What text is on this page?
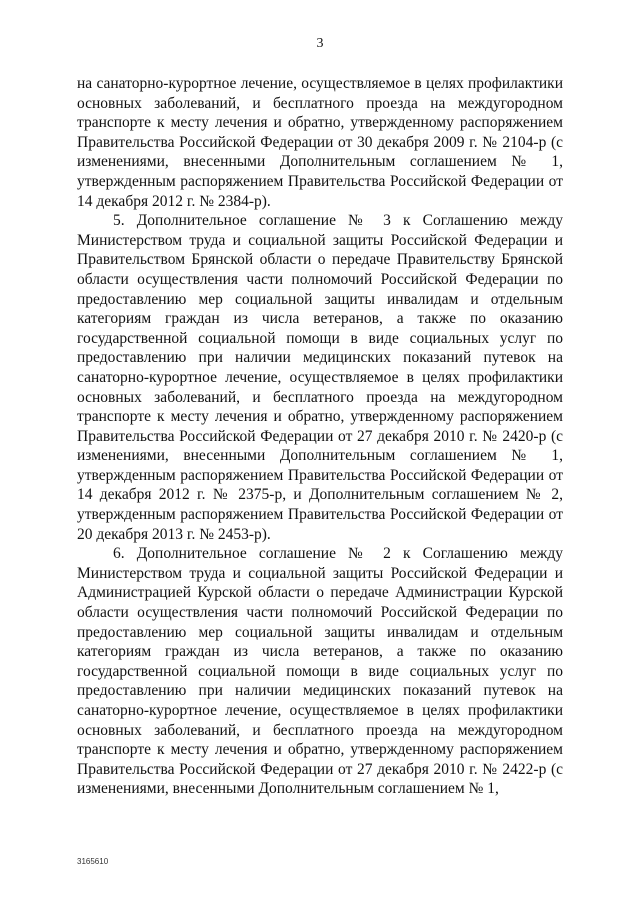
3

на санаторно-курортное лечение, осуществляемое в целях профилактики основных заболеваний, и бесплатного проезда на междугородном транспорте к месту лечения и обратно, утвержденному распоряжением Правительства Российской Федерации от 30 декабря 2009 г. № 2104-р (с изменениями, внесенными Дополнительным соглашением № 1, утвержденным распоряжением Правительства Российской Федерации от 14 декабря 2012 г. № 2384-р).

5. Дополнительное соглашение № 3 к Соглашению между Министерством труда и социальной защиты Российской Федерации и Правительством Брянской области о передаче Правительству Брянской области осуществления части полномочий Российской Федерации по предоставлению мер социальной защиты инвалидам и отдельным категориям граждан из числа ветеранов, а также по оказанию государственной социальной помощи в виде социальных услуг по предоставлению при наличии медицинских показаний путевок на санаторно-курортное лечение, осуществляемое в целях профилактики основных заболеваний, и бесплатного проезда на междугородном транспорте к месту лечения и обратно, утвержденному распоряжением Правительства Российской Федерации от 27 декабря 2010 г. № 2420-р (с изменениями, внесенными Дополнительным соглашением № 1, утвержденным распоряжением Правительства Российской Федерации от 14 декабря 2012 г. № 2375-р, и Дополнительным соглашением № 2, утвержденным распоряжением Правительства Российской Федерации от 20 декабря 2013 г. № 2453-р).

6. Дополнительное соглашение № 2 к Соглашению между Министерством труда и социальной защиты Российской Федерации и Администрацией Курской области о передаче Администрации Курской области осуществления части полномочий Российской Федерации по предоставлению мер социальной защиты инвалидам и отдельным категориям граждан из числа ветеранов, а также по оказанию государственной социальной помощи в виде социальных услуг по предоставлению при наличии медицинских показаний путевок на санаторно-курортное лечение, осуществляемое в целях профилактики основных заболеваний, и бесплатного проезда на междугородном транспорте к месту лечения и обратно, утвержденному распоряжением Правительства Российской Федерации от 27 декабря 2010 г. № 2422-р (с изменениями, внесенными Дополнительным соглашением № 1,

3165610
